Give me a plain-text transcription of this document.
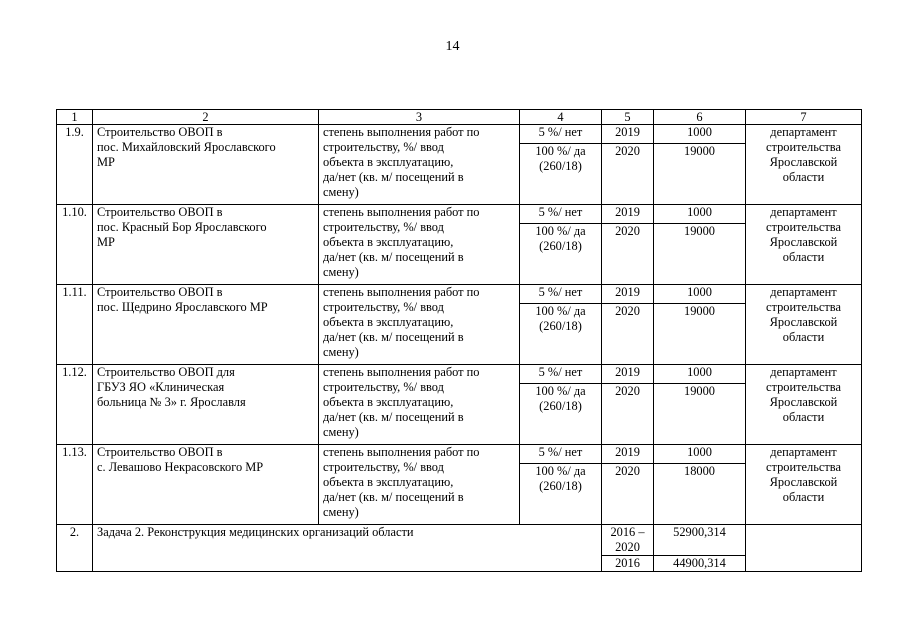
14
1	2	3	4	5	6	7
1.9.	Строительство ОВОП в
пос. Михайловский Ярославского
МР	степень выполнения работ по
строительству, %/ ввод
объекта в эксплуатацию,
да/нет (кв. м/ посещений в
смену)	5 %/ нет	2019	1000	департамент
строительства
Ярославской
области
			100 %/ да
(260/18)	2020	19000	
1.10.	Строительство ОВОП в
пос. Красный Бор Ярославского
МР	степень выполнения работ по
строительству, %/ ввод
объекта в эксплуатацию,
да/нет (кв. м/ посещений в
смену)	5 %/ нет	2019	1000	департамент
строительства
Ярославской
области
			100 %/ да
(260/18)	2020	19000	
1.11.	Строительство ОВОП в
пос. Щедрино Ярославского МР	степень выполнения работ по
строительству, %/ ввод
объекта в эксплуатацию,
да/нет (кв. м/ посещений в
смену)	5 %/ нет	2019	1000	департамент
строительства
Ярославской
области
			100 %/ да
(260/18)	2020	19000	
1.12.	Строительство ОВОП для
ГБУЗ ЯО «Клиническая
больница № 3» г. Ярославля	степень выполнения работ по
строительству, %/ ввод
объекта в эксплуатацию,
да/нет (кв. м/ посещений в
смену)	5 %/ нет	2019	1000	департамент
строительства
Ярославской
области
			100 %/ да
(260/18)	2020	19000	
1.13.	Строительство ОВОП в
с. Левашово Некрасовского МР	степень выполнения работ по
строительству, %/ ввод
объекта в эксплуатацию,
да/нет (кв. м/ посещений в
смену)	5 %/ нет	2019	1000	департамент
строительства
Ярославской
области
			100 %/ да
(260/18)	2020	18000	
2.	Задача 2. Реконструкция медицинских организаций области			2016 –
2020	52900,314	
				2016	44900,314	
